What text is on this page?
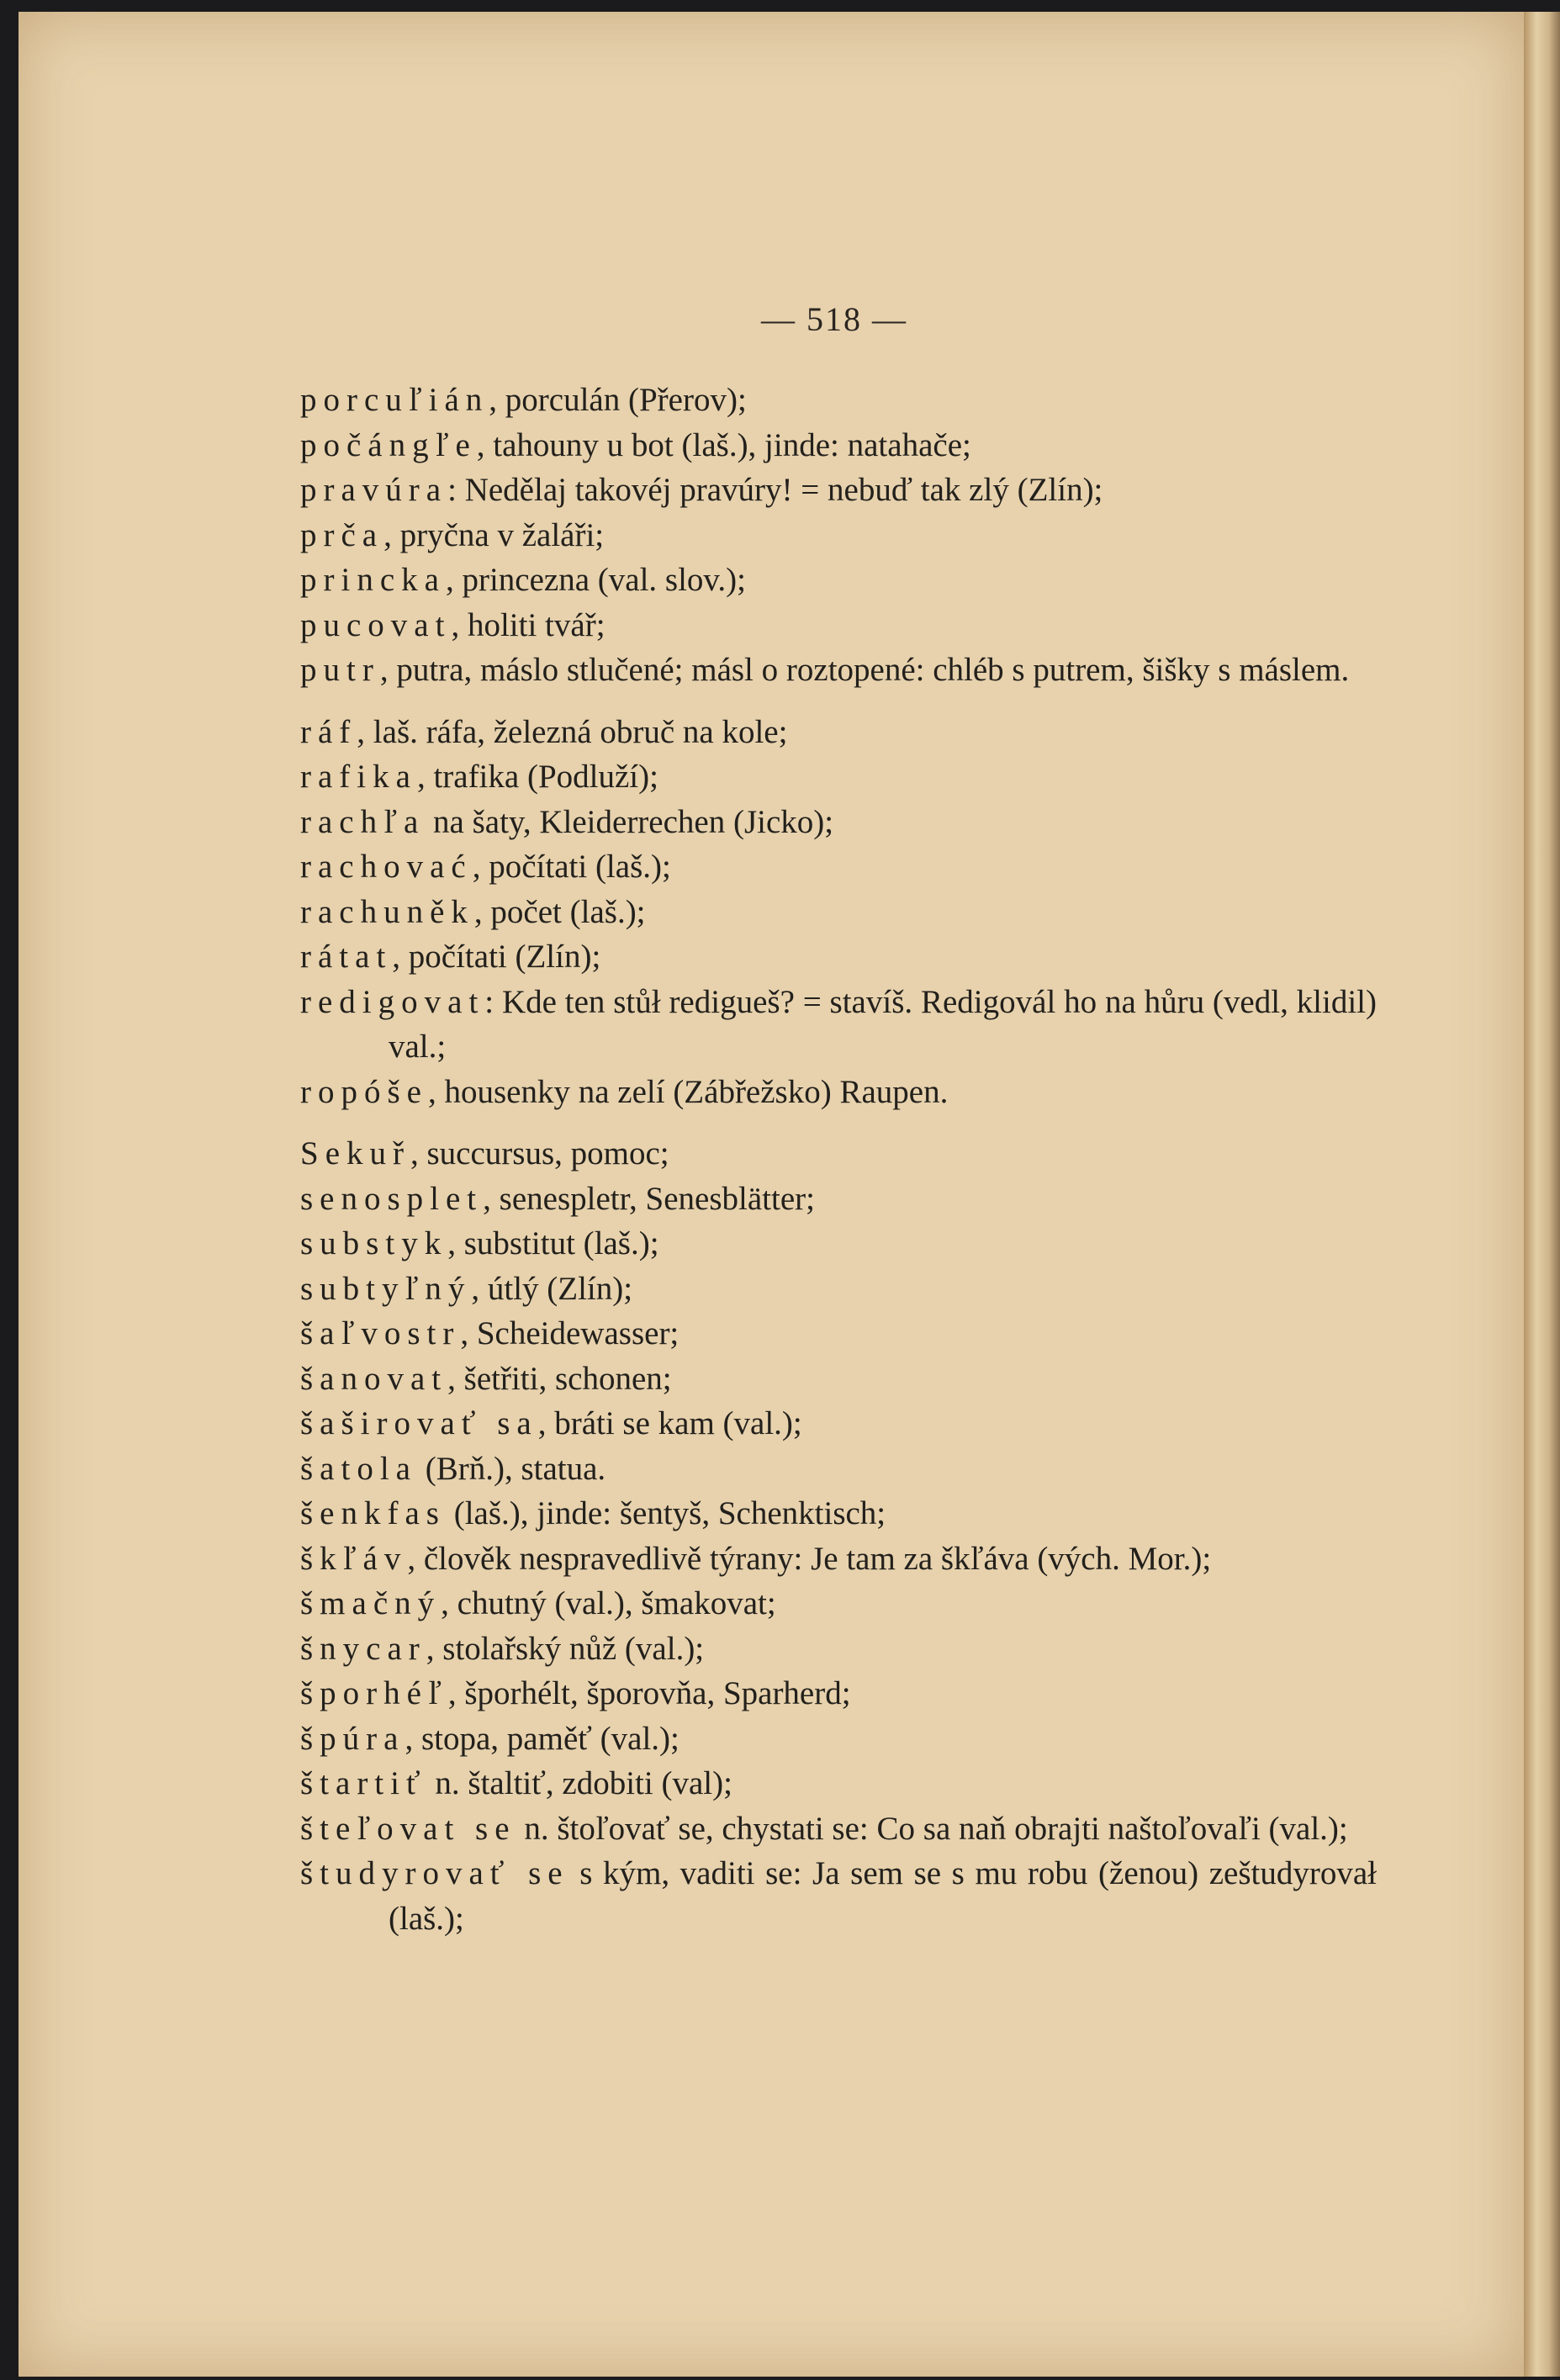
— 518 —
porcuľián, porculán (Přerov);
počángľe, tahouny u bot (laš.), jinde: natahače;
pravúra: Nedělaj takovéj pravúry! = nebuď tak zlý (Zlín);
prča, pryčna v žaláři;
princka, princezna (val. slov.);
pucovat, holiti tvář;
putr, putra, máslo stlučené; másl o roztopené: chléb s putrem, šišky s máslem.
ráf, laš. ráfa, železná obruč na kole;
rafika, trafika (Podluží);
rachľa na šaty, Kleiderrechen (Jicko);
rachovać, počítati (laš.);
rachuněk, počet (laš.);
rátat, počítati (Zlín);
redigovat: Kde ten stůł redigueš? = stavíš. Redigovál ho na hůru (vedl, klidil) val.;
ropóše, housenky na zelí (Zábřežsko) Raupen.
Sekuř, succursus, pomoc;
senosplet, senespletr, Senesblätter;
substyk, substitut (laš.);
subtyľný, útlý (Zlín);
šaľvostr, Scheidewasser;
šanovat, šetřiti, schonen;
šaširovať sa, bráti se kam (val.);
šatola (Brň.), statua.
šenkfas (laš.), jinde: šentyš, Schenktisch;
škľáv, člověk nespravedlivě týrany: Je tam za škľáva (vých. Mor.);
šmačný, chutný (val.), šmakovat;
šnycar, stolařský nůž (val.);
šporhéľ, šporhélt, šporovňa, Sparherd;
špúra, stopa, paměť (val.);
štartiť n. štaltiť, zdobiti (val);
šteľovat se n. štoľovať se, chystati se: Co sa naň obrajti naštoľovaľi (val.);
študyrovať se s kým, vaditi se: Ja sem se s mu robu (ženou) zeštudyrovał (laš.);
